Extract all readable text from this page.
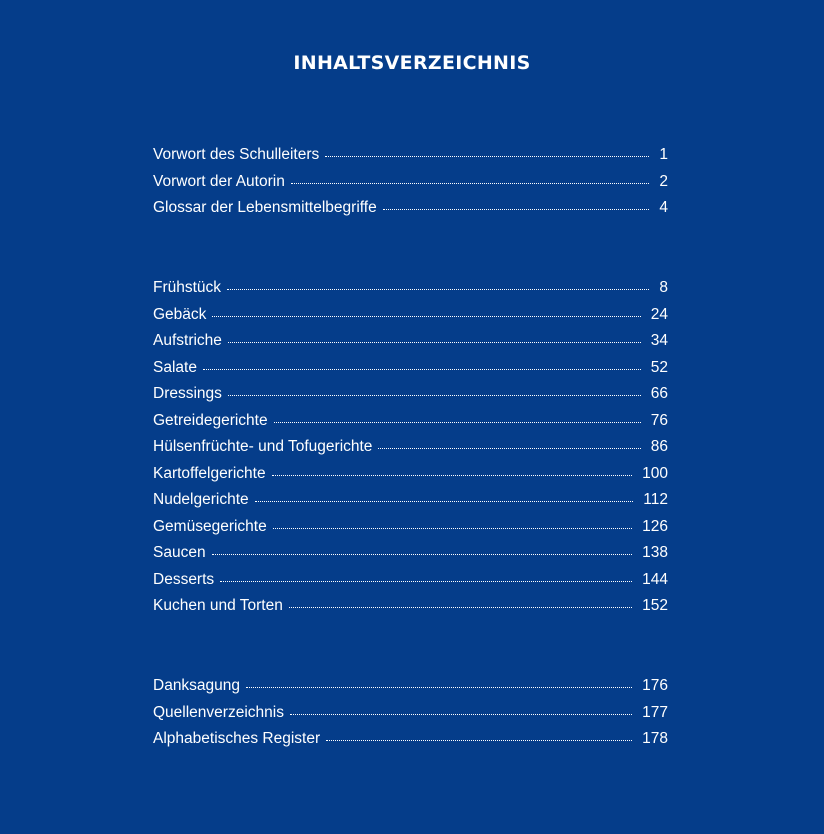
INHALTSVERZEICHNIS
Vorwort des Schulleiters	1
Vorwort der Autorin	2
Glossar der Lebensmittelbegriffe	4
Frühstück	8
Gebäck	24
Aufstriche	34
Salate	52
Dressings	66
Getreidegerichte	76
Hülsenfrüchte- und Tofugerichte	86
Kartoffelgerichte	100
Nudelgerichte	112
Gemüsegerichte	126
Saucen	138
Desserts	144
Kuchen und Torten	152
Danksagung	176
Quellenverzeichnis	177
Alphabetisches Register	178
